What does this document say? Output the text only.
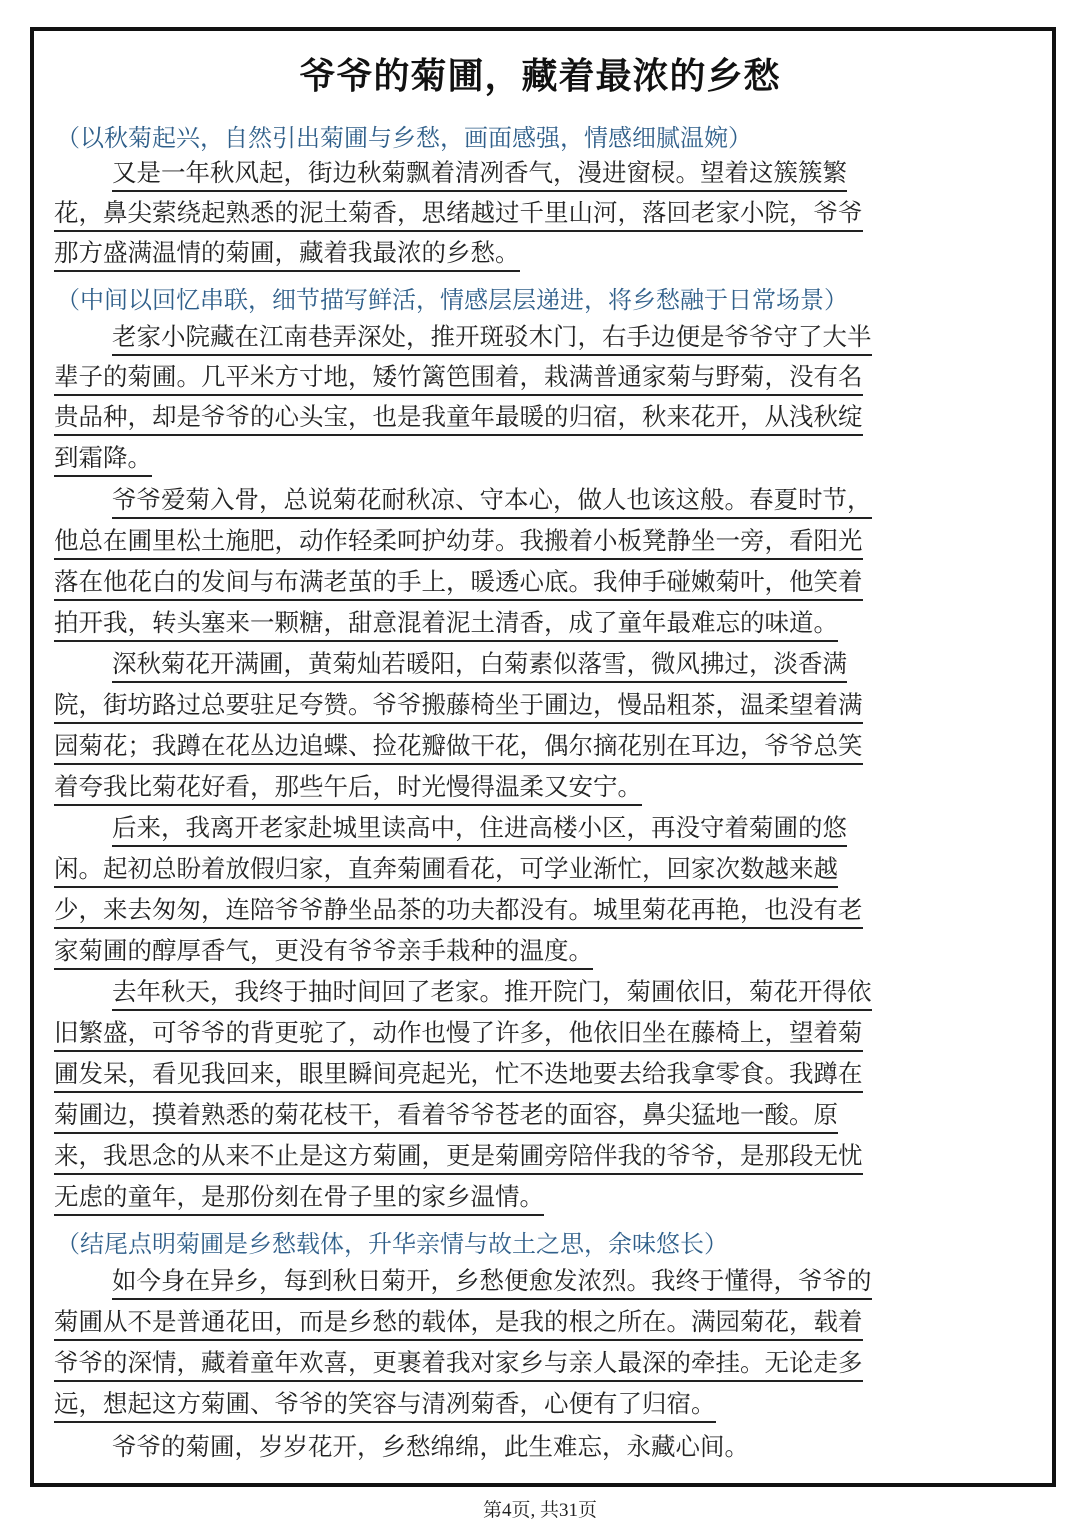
爷爷的菊圃，藏着最浓的乡愁
（以秋菊起兴，自然引出菊圃与乡愁，画面感强，情感细腻温婉）
又是一年秋风起，街边秋菊飘着清冽香气，漫进窗棂。望着这簇簇繁
花，鼻尖萦绕起熟悉的泥土菊香，思绪越过千里山河，落回老家小院，爷爷
那方盛满温情的菊圃，藏着我最浓的乡愁。
（中间以回忆串联，细节描写鲜活，情感层层递进，将乡愁融于日常场景）
老家小院藏在江南巷弄深处，推开斑驳木门，右手边便是爷爷守了大半
辈子的菊圃。几平米方寸地，矮竹篱笆围着，栽满普通家菊与野菊，没有名
贵品种，却是爷爷的心头宝，也是我童年最暖的归宿，秋来花开，从浅秋绽
到霜降。
爷爷爱菊入骨，总说菊花耐秋凉、守本心，做人也该这般。春夏时节，
他总在圃里松土施肥，动作轻柔呵护幼芽。我搬着小板凳静坐一旁，看阳光
落在他花白的发间与布满老茧的手上，暖透心底。我伸手碰嫩菊叶，他笑着
拍开我，转头塞来一颗糖，甜意混着泥土清香，成了童年最难忘的味道。
深秋菊花开满圃，黄菊灿若暖阳，白菊素似落雪，微风拂过，淡香满
院，街坊路过总要驻足夸赞。爷爷搬藤椅坐于圃边，慢品粗茶，温柔望着满
园菊花；我蹲在花丛边追蝶、捡花瓣做干花，偶尔摘花别在耳边，爷爷总笑
着夸我比菊花好看，那些午后，时光慢得温柔又安宁。
后来，我离开老家赴城里读高中，住进高楼小区，再没守着菊圃的悠
闲。起初总盼着放假归家，直奔菊圃看花，可学业渐忙，回家次数越来越
少，来去匆匆，连陪爷爷静坐品茶的功夫都没有。城里菊花再艳，也没有老
家菊圃的醇厚香气，更没有爷爷亲手栽种的温度。
去年秋天，我终于抽时间回了老家。推开院门，菊圃依旧，菊花开得依
旧繁盛，可爷爷的背更驼了，动作也慢了许多，他依旧坐在藤椅上，望着菊
圃发呆，看见我回来，眼里瞬间亮起光，忙不迭地要去给我拿零食。我蹲在
菊圃边，摸着熟悉的菊花枝干，看着爷爷苍老的面容，鼻尖猛地一酸。原
来，我思念的从来不止是这方菊圃，更是菊圃旁陪伴我的爷爷，是那段无忧
无虑的童年，是那份刻在骨子里的家乡温情。
（结尾点明菊圃是乡愁载体，升华亲情与故土之思，余味悠长）
如今身在异乡，每到秋日菊开，乡愁便愈发浓烈。我终于懂得，爷爷的
菊圃从不是普通花田，而是乡愁的载体，是我的根之所在。满园菊花，载着
爷爷的深情，藏着童年欢喜，更裹着我对家乡与亲人最深的牵挂。无论走多
远，想起这方菊圃、爷爷的笑容与清冽菊香，心便有了归宿。
爷爷的菊圃，岁岁花开，乡愁绵绵，此生难忘，永藏心间。
第4页, 共31页
